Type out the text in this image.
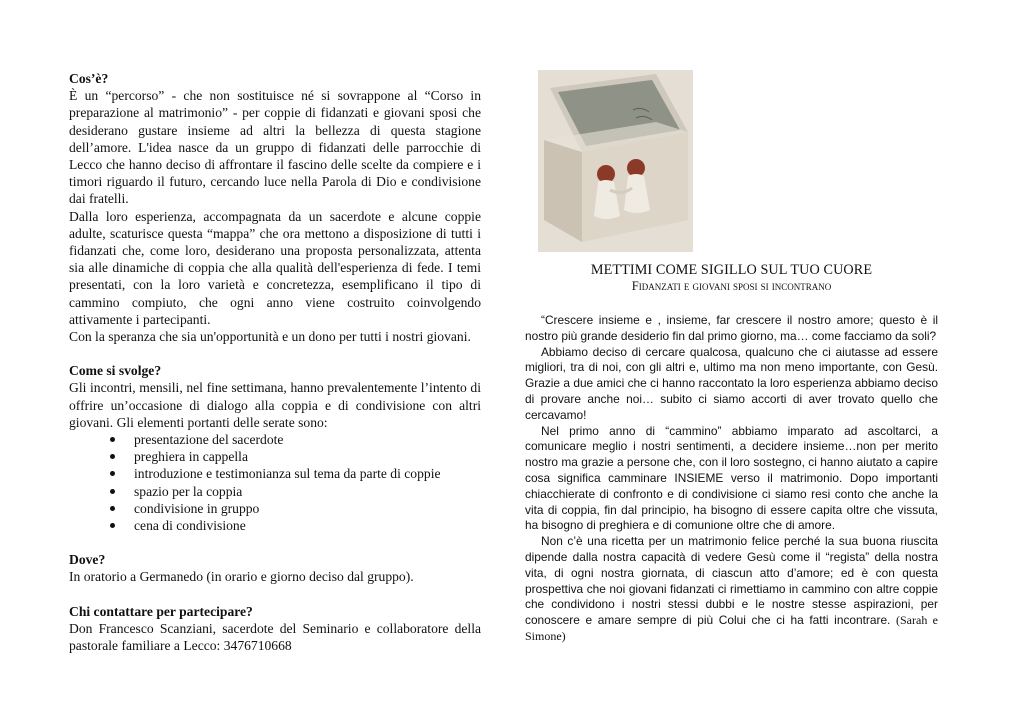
Cos’è?

È un “percorso” - che non sostituisce né si sovrappone al “Corso in preparazione al matrimonio” - per coppie di fidanzati e giovani sposi che desiderano gustare insieme ad altri la bellezza di questa stagione dell’amore. L'idea nasce da un gruppo di fidanzati delle parrocchie di Lecco che hanno deciso di affrontare il fascino delle scelte da compiere e i timori riguardo il futuro, cercando luce nella Parola di Dio e condivisione dai fratelli.

Dalla loro esperienza, accompagnata da un sacerdote e alcune coppie adulte, scaturisce questa “mappa” che ora mettono a disposizione di tutti i fidanzati che, come loro, desiderano una proposta personalizzata, attenta sia alle dinamiche di coppia che alla qualità dell'esperienza di fede. I temi presentati, con la loro varietà e concretezza, esemplificano il tipo di cammino compiuto, che ogni anno viene costruito coinvolgendo attivamente i partecipanti.

Con la speranza che sia un'opportunità e un dono per tutti i nostri giovani.

Come si svolge?

Gli incontri, mensili, nel fine settimana, hanno prevalentemente l’intento di offrire un’occasione di dialogo alla coppia e di condivisione con altri giovani. Gli elementi portanti delle serate sono:

presentazione del sacerdote
preghiera in cappella
introduzione e testimonianza sul tema da parte di coppie
spazio per la coppia
condivisione in gruppo
cena di condivisione
Dove?

In oratorio a Germanedo (in orario e giorno deciso dal gruppo).

Chi contattare per partecipare?

Don Francesco Scanziani, sacerdote del Seminario e collaboratore della pastorale familiare a Lecco: 3476710668

METTIMI COME SIGILLO SUL TUO CUORE

Fidanzati e giovani sposi si incontrano

“Crescere insieme e , insieme, far crescere il nostro amore; questo è il nostro più grande desiderio fin dal primo giorno, ma… come facciamo da soli?

Abbiamo deciso di cercare qualcosa, qualcuno che ci aiutasse ad essere migliori, tra di noi, con gli altri e, ultimo ma non meno importante, con Gesù. Grazie a due amici che ci hanno raccontato la loro esperienza abbiamo deciso di provare anche noi… subito ci siamo accorti di aver trovato quello che cercavamo!

Nel primo anno di “cammino” abbiamo imparato ad ascoltarci, a comunicare meglio i nostri sentimenti, a decidere insieme…non per merito nostro ma grazie a persone che, con il loro sostegno, ci hanno aiutato a capire cosa significa camminare INSIEME verso il matrimonio. Dopo importanti chiacchierate di confronto e di condivisione ci siamo resi conto che anche la vita di coppia, fin dal principio, ha bisogno di essere capita oltre che vissuta, ha bisogno di preghiera e di comunione oltre che di amore.

Non c’è una ricetta per un matrimonio felice perché la sua buona riuscita dipende dalla nostra capacità di vedere Gesù come il “regista” della nostra vita, di ogni nostra giornata, di ciascun atto d’amore; ed è con questa prospettiva che noi giovani fidanzati ci rimettiamo in cammino con altre coppie che condividono i nostri stessi dubbi e le nostre stesse aspirazioni, per conoscere e amare sempre di più Colui che ci ha fatti incontrare. (Sarah e Simone)
